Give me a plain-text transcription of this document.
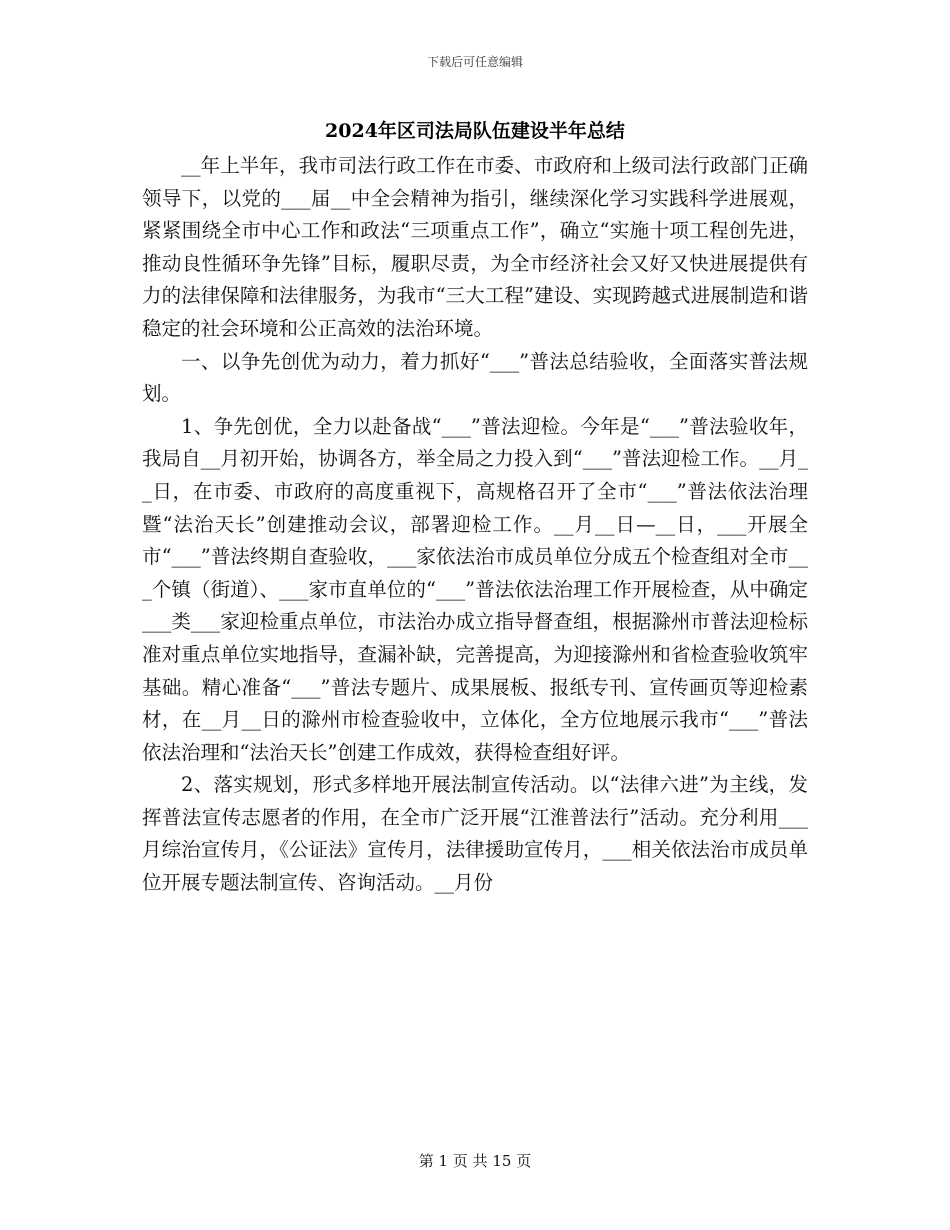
下载后可任意编辑
2024年区司法局队伍建设半年总结

__年上半年，我市司法行政工作在市委、市政府和上级司法行政部门正确领导下，以党的___届__中全会精神为指引，继续深化学习实践科学进展观，紧紧围绕全市中心工作和政法“三项重点工作”，确立“实施十项工程创先进，推动良性循环争先锋”目标，履职尽责，为全市经济社会又好又快进展提供有力的法律保障和法律服务，为我市“三大工程”建设、实现跨越式进展制造和谐稳定的社会环境和公正高效的法治环境。

一、以争先创优为动力，着力抓好“___”普法总结验收，全面落实普法规划。

1、争先创优，全力以赴备战“___”普法迎检。今年是“___”普法验收年，我局自__月初开始，协调各方，举全局之力投入到“___”普法迎检工作。__月__日，在市委、市政府的高度重视下，高规格召开了全市“___”普法依法治理暨“法治天长”创建推动会议，部署迎检工作。__月__日—__日，___开展全市“___”普法终期自查验收，___家依法治市成员单位分成五个检查组对全市___个镇（街道）、___家市直单位的“___”普法依法治理工作开展检查，从中确定___类___家迎检重点单位，市法治办成立指导督查组，根据滁州市普法迎检标准对重点单位实地指导，查漏补缺，完善提高，为迎接滁州和省检查验收筑牢基础。精心准备“___”普法专题片、成果展板、报纸专刊、宣传画页等迎检素材，在__月__日的滁州市检查验收中，立体化，全方位地展示我市“___”普法依法治理和“法治天长”创建工作成效，获得检查组好评。

2、落实规划，形式多样地开展法制宣传活动。以“法律六进”为主线，发挥普法宣传志愿者的作用，在全市广泛开展“江淮普法行”活动。充分利用___月综治宣传月，《公证法》宣传月，法律援助宣传月，___相关依法治市成员单位开展专题法制宣传、咨询活动。__月份

第 1 页 共 15 页
